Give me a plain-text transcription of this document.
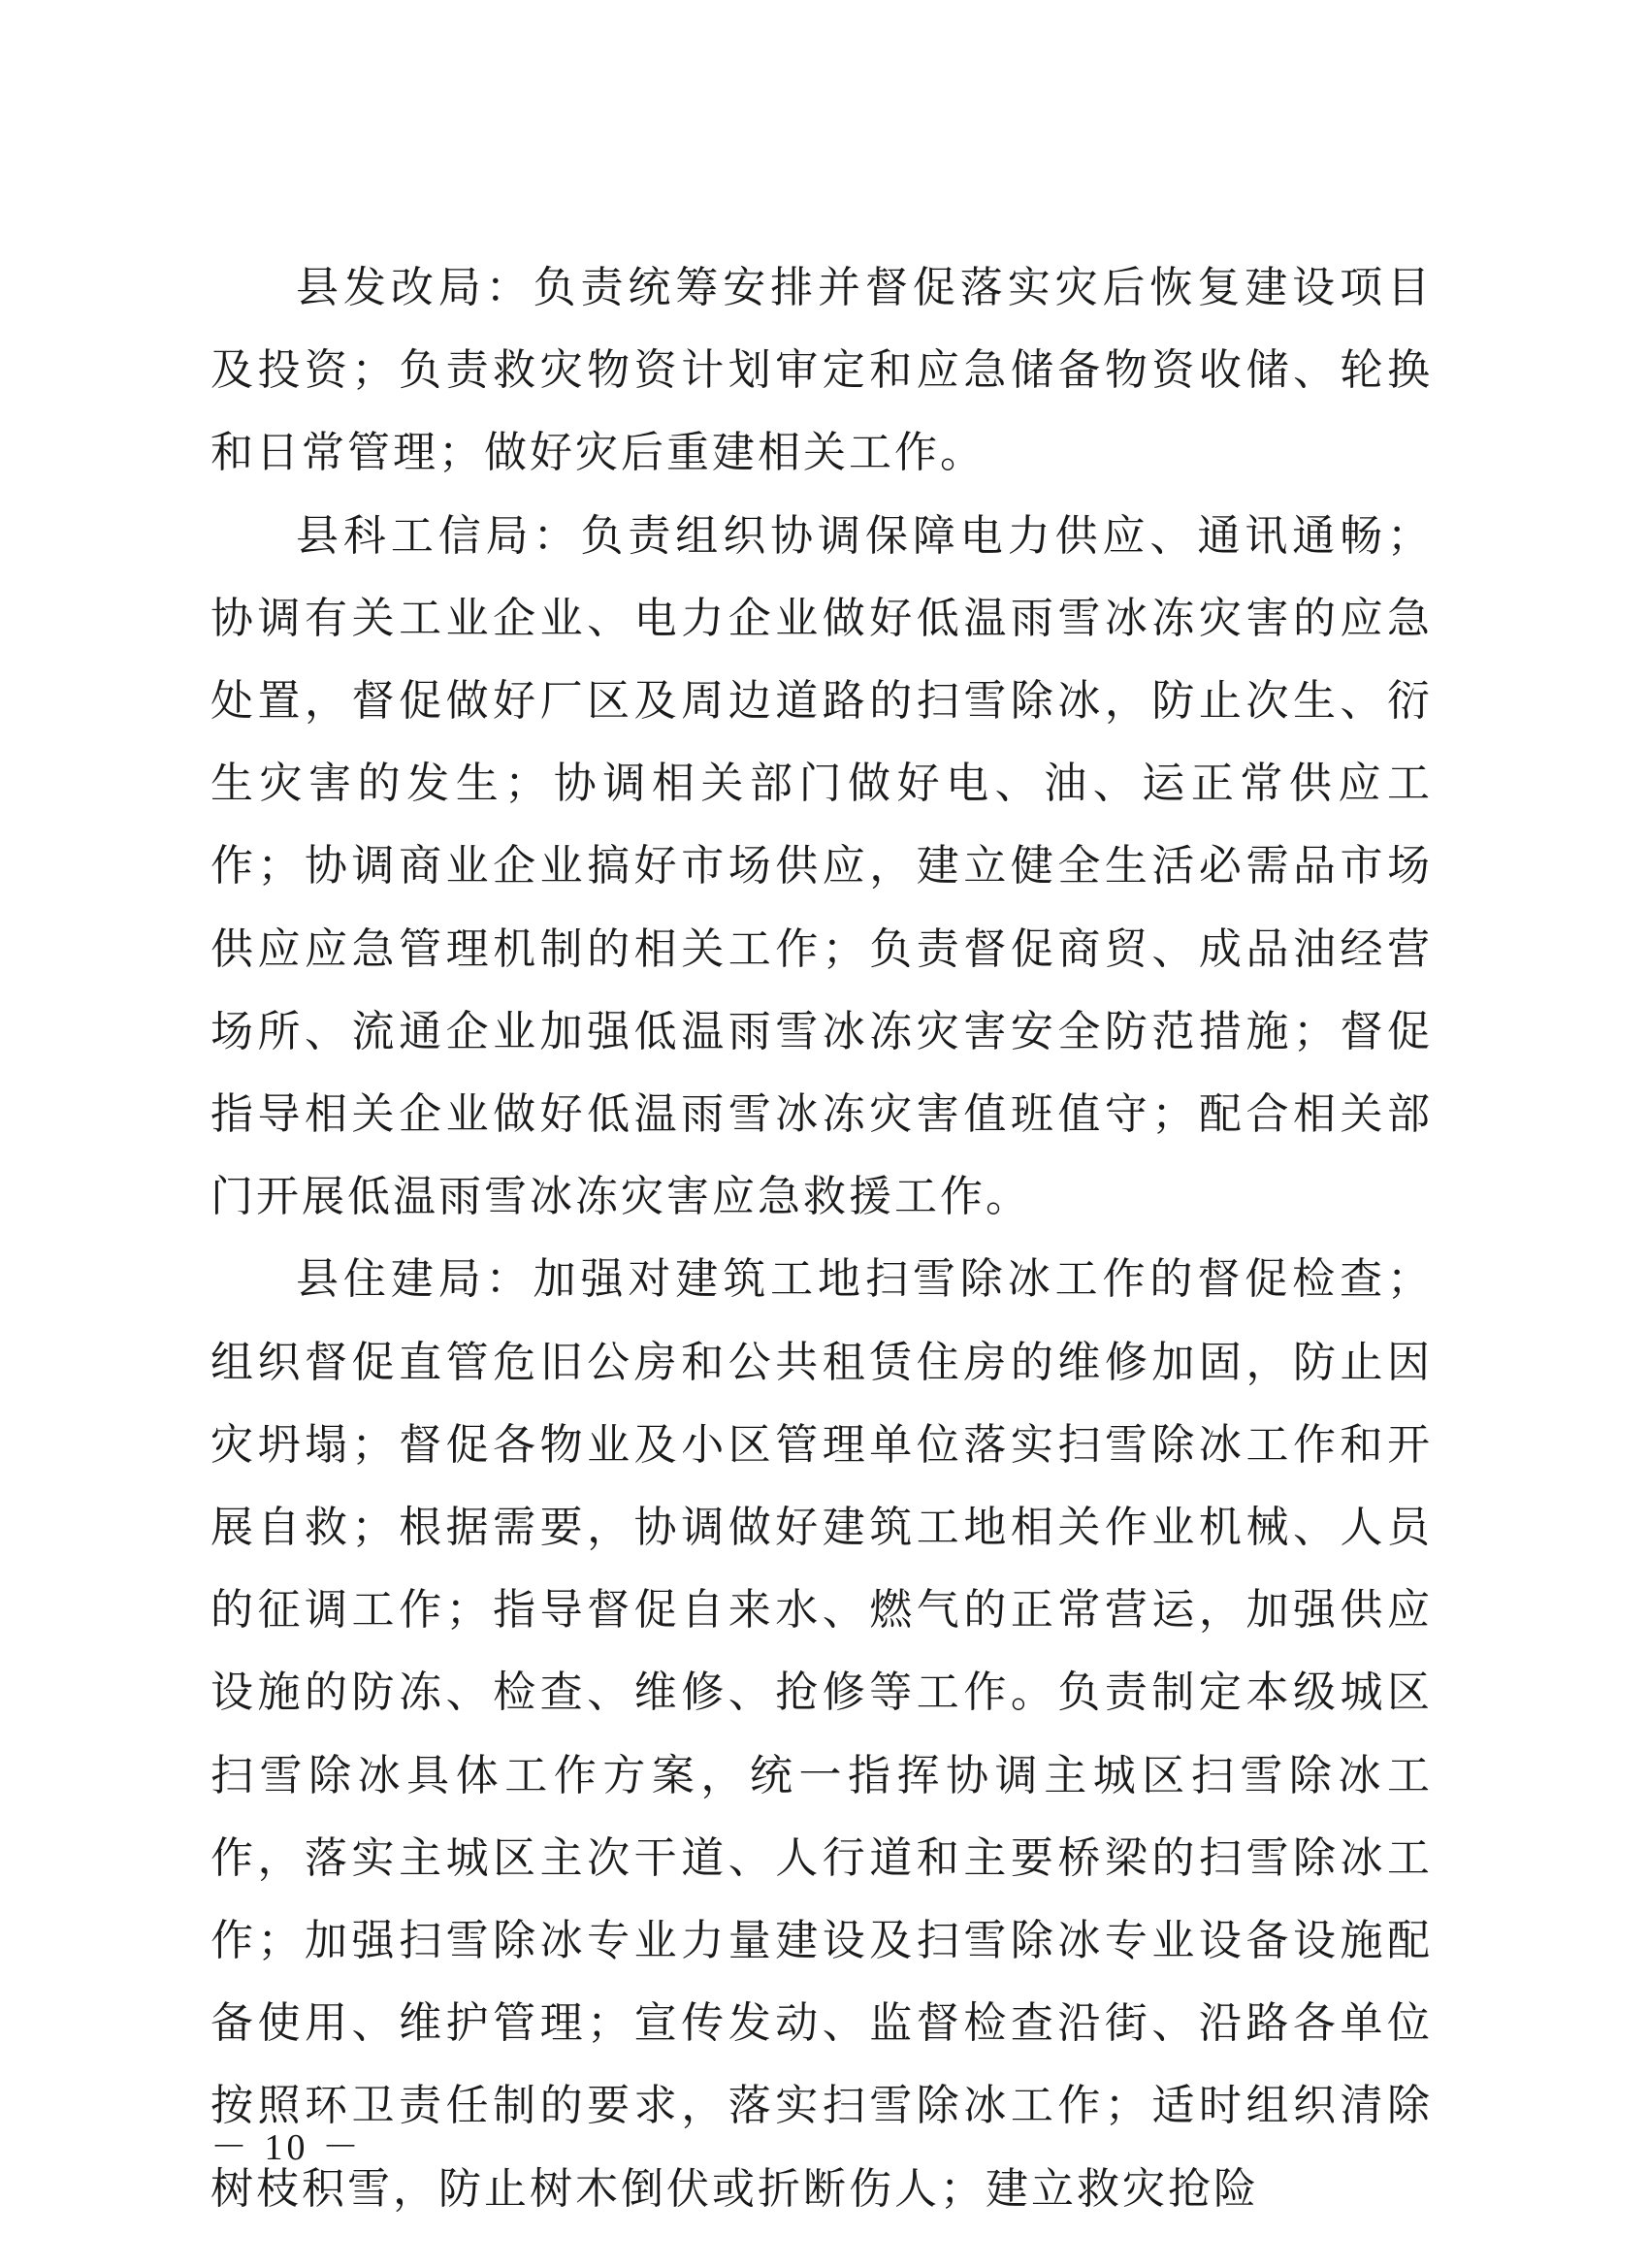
县发改局：负责统筹安排并督促落实灾后恢复建设项目及投资；负责救灾物资计划审定和应急储备物资收储、轮换和日常管理；做好灾后重建相关工作。

县科工信局：负责组织协调保障电力供应、通讯通畅；协调有关工业企业、电力企业做好低温雨雪冰冻灾害的应急处置，督促做好厂区及周边道路的扫雪除冰，防止次生、衍生灾害的发生；协调相关部门做好电、油、运正常供应工作；协调商业企业搞好市场供应，建立健全生活必需品市场供应应急管理机制的相关工作；负责督促商贸、成品油经营场所、流通企业加强低温雨雪冰冻灾害安全防范措施；督促指导相关企业做好低温雨雪冰冻灾害值班值守；配合相关部门开展低温雨雪冰冻灾害应急救援工作。

县住建局：加强对建筑工地扫雪除冰工作的督促检查；组织督促直管危旧公房和公共租赁住房的维修加固，防止因灾坍塌；督促各物业及小区管理单位落实扫雪除冰工作和开展自救；根据需要，协调做好建筑工地相关作业机械、人员的征调工作；指导督促自来水、燃气的正常营运，加强供应设施的防冻、检查、维修、抢修等工作。负责制定本级城区扫雪除冰具体工作方案，统一指挥协调主城区扫雪除冰工作，落实主城区主次干道、人行道和主要桥梁的扫雪除冰工作；加强扫雪除冰专业力量建设及扫雪除冰专业设备设施配备使用、维护管理；宣传发动、监督检查沿街、沿路各单位按照环卫责任制的要求，落实扫雪除冰工作；适时组织清除树枝积雪，防止树木倒伏或折断伤人；建立救灾抢险

－ 10 －
